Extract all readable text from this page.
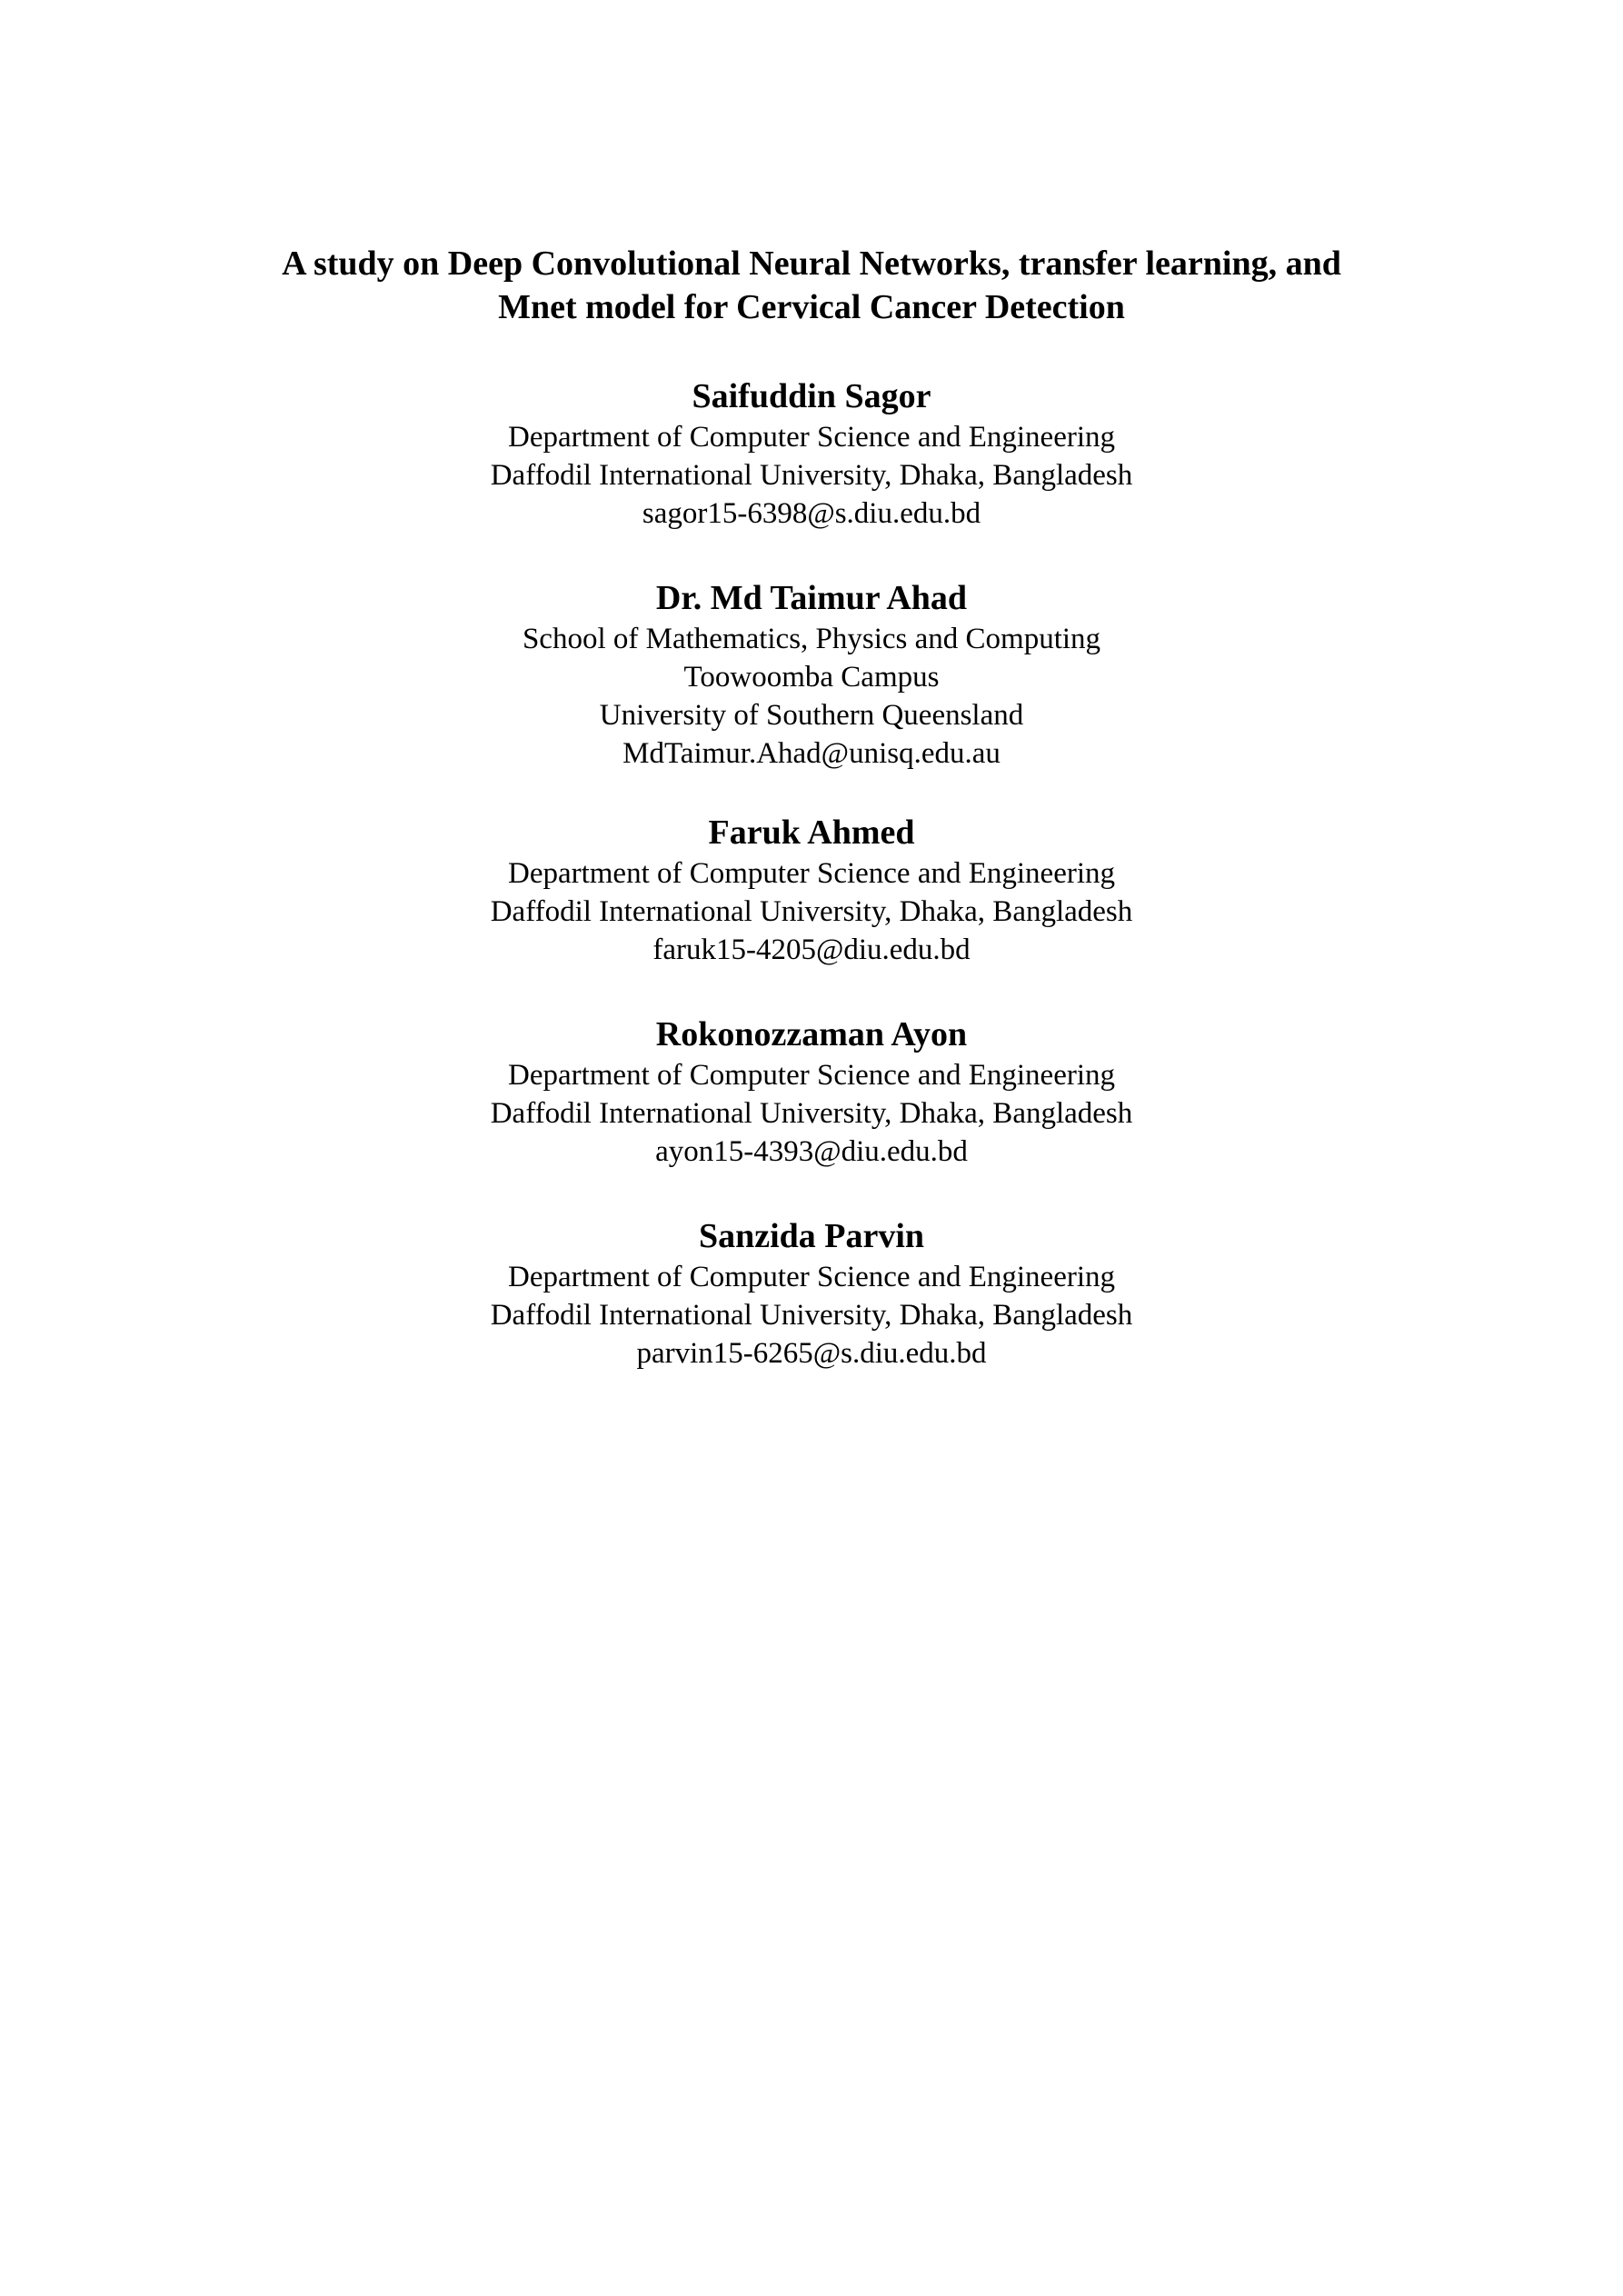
A study on Deep Convolutional Neural Networks, transfer learning, and
Mnet model for Cervical Cancer Detection
Saifuddin Sagor
Department of Computer Science and Engineering
Daffodil International University, Dhaka, Bangladesh
sagor15-6398@s.diu.edu.bd
Dr. Md Taimur Ahad
School of Mathematics, Physics and Computing
Toowoomba Campus
University of Southern Queensland
MdTaimur.Ahad@unisq.edu.au
Faruk Ahmed
Department of Computer Science and Engineering
Daffodil International University, Dhaka, Bangladesh
faruk15-4205@diu.edu.bd
Rokonozzaman Ayon
Department of Computer Science and Engineering
Daffodil International University, Dhaka, Bangladesh
ayon15-4393@diu.edu.bd
Sanzida Parvin
Department of Computer Science and Engineering
Daffodil International University, Dhaka, Bangladesh
parvin15-6265@s.diu.edu.bd
